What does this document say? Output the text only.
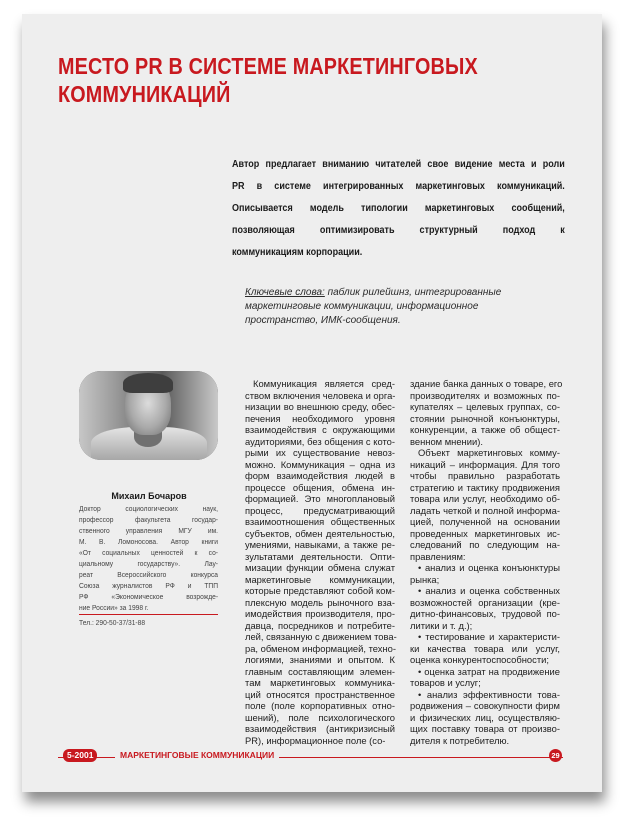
МЕСТО PR В СИСТЕМЕ МАРКЕТИНГОВЫХ
КОММУНИКАЦИЙ

Автор предлагает вниманию читателей свое видение места и роли
PR в системе интегрированных маркетинговых коммуникаций.
Описывается модель типологии маркетинговых сообщений,
позволяющая оптимизировать структурный подход к
коммуникациям корпорации.

Ключевые слова: паблик рилейшнз, интегрированные
маркетинговые коммуникации, информационное
пространство, ИМК-сообщения.
Михаил Бочаров

Доктор социологических наук,
профессор факультета государ-
ственного управления МГУ им.
М. В. Ломоносова. Автор книги
«От социальных ценностей к со-
циальному государству». Лау-
реат Всероссийского конкурса
Союза журналистов РФ и ТПП
РФ «Экономическое возрожде-
ние России» за 1998 г.

Тел.: 290-50-37/31-88

Коммуникация является сред-
ством включения человека и орга-
низации во внешнюю среду, обес-
печения необходимого уровня
взаимодействия с окружающими
аудиториями, без общения с кото-
рыми их существование невоз-
можно. Коммуникация – одна из
форм взаимодействия людей в
процессе общения, обмена ин-
формацией. Это многоплановый
процесс, предусматривающий
взаимоотношения общественных
субъектов, обмен деятельностью,
умениями, навыками, а также ре-
зультатами деятельности. Опти-
мизации функции обмена служат
маркетинговые коммуникации,
которые представляют собой ком-
плексную модель рыночного вза-
имодействия производителя, про-
давца, посредников и потребите-
лей, связанную с движением това-
ра, обменом информацией, техно-
логиями, знаниями и опытом. К
главным составляющим элемен-
там маркетинговых коммуника-
ций относятся пространственное
поле (поле корпоративных отно-
шений), поле психологического
взаимодействия (антикризисный
PR), информационное поле (со-

здание банка данных о товаре, его
производителях и возможных по-
купателях – целевых группах, со-
стоянии рыночной конъюнктуры,
конкуренции, а также об общест-
венном мнении).
Объект маркетинговых комму-
никаций – информация. Для того
чтобы правильно разработать
стратегию и тактику продвижения
товара или услуг, необходимо об-
ладать четкой и полной информа-
цией, полученной на основании
проведенных маркетинговых ис-
следований по следующим на-
правлениям:
• анализ и оценка конъюнктуры
рынка;
• анализ и оценка собственных
возможностей организации (кре-
дитно-финансовых, трудовой по-
литики и т. д.);
• тестирование и характеристи-
ки качества товара или услуг,
оценка конкурентоспособности;
• оценка затрат на продвижение
товаров и услуг;
• анализ эффективности това-
родвижения – совокупности фирм
и физических лиц, осуществляю-
щих поставку товара от произво-
дителя к потребителю.

5-2001	МАРКЕТИНГОВЫЕ КОММУНИКАЦИИ	29
